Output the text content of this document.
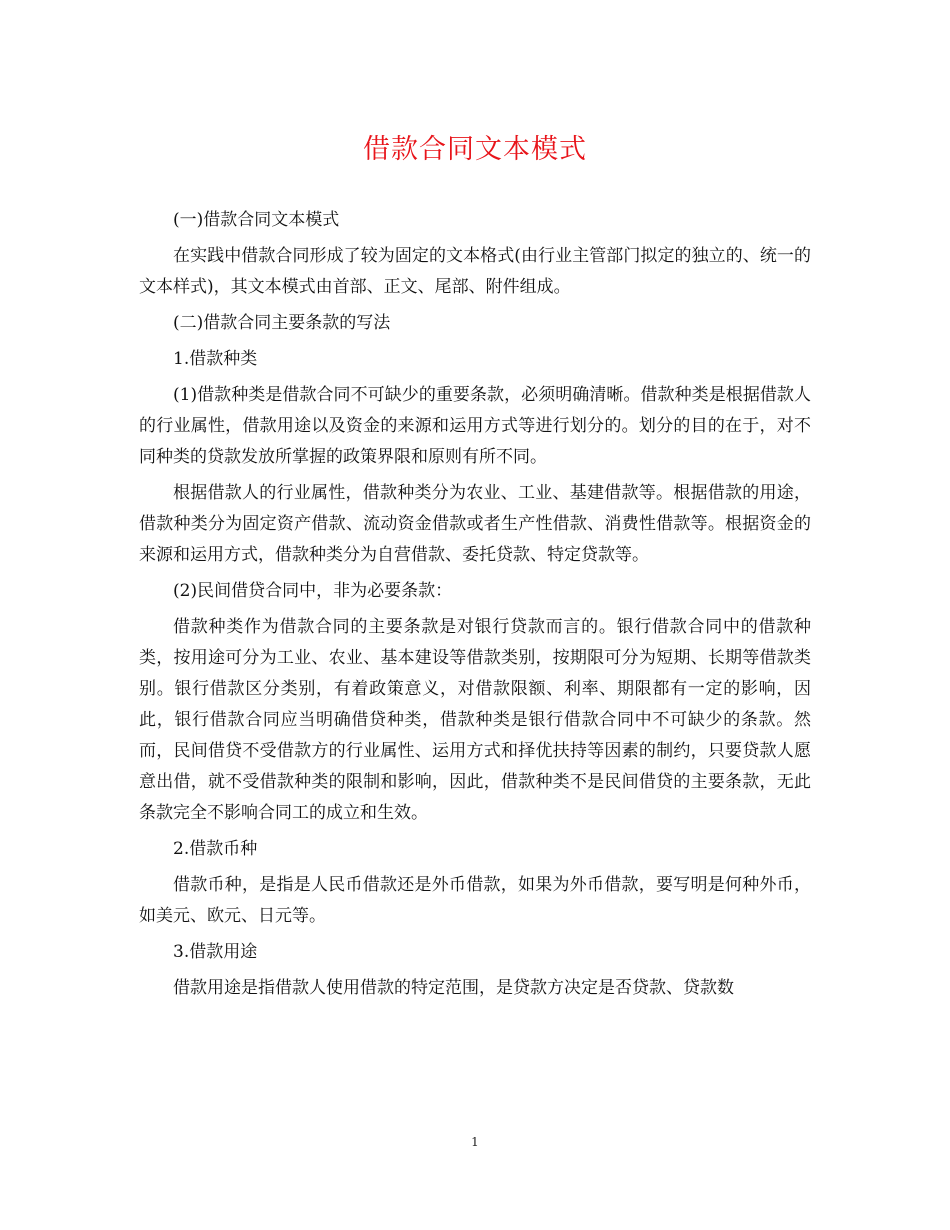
借款合同文本模式

(一)借款合同文本模式

在实践中借款合同形成了较为固定的文本格式(由行业主管部门拟定的独立的、统一的文本样式)，其文本模式由首部、正文、尾部、附件组成。

(二)借款合同主要条款的写法

1.借款种类

(1)借款种类是借款合同不可缺少的重要条款，必须明确清晰。借款种类是根据借款人的行业属性，借款用途以及资金的来源和运用方式等进行划分的。划分的目的在于，对不同种类的贷款发放所掌握的政策界限和原则有所不同。

根据借款人的行业属性，借款种类分为农业、工业、基建借款等。根据借款的用途，借款种类分为固定资产借款、流动资金借款或者生产性借款、消费性借款等。根据资金的来源和运用方式，借款种类分为自营借款、委托贷款、特定贷款等。

(2)民间借贷合同中，非为必要条款：

借款种类作为借款合同的主要条款是对银行贷款而言的。银行借款合同中的借款种类，按用途可分为工业、农业、基本建设等借款类别，按期限可分为短期、长期等借款类别。银行借款区分类别，有着政策意义，对借款限额、利率、期限都有一定的影响，因此，银行借款合同应当明确借贷种类，借款种类是银行借款合同中不可缺少的条款。然而，民间借贷不受借款方的行业属性、运用方式和择优扶持等因素的制约，只要贷款人愿意出借，就不受借款种类的限制和影响，因此，借款种类不是民间借贷的主要条款，无此条款完全不影响合同工的成立和生效。

2.借款币种

借款币种，是指是人民币借款还是外币借款，如果为外币借款，要写明是何种外币，如美元、欧元、日元等。

3.借款用途

借款用途是指借款人使用借款的特定范围，是贷款方决定是否贷款、贷款数

1
